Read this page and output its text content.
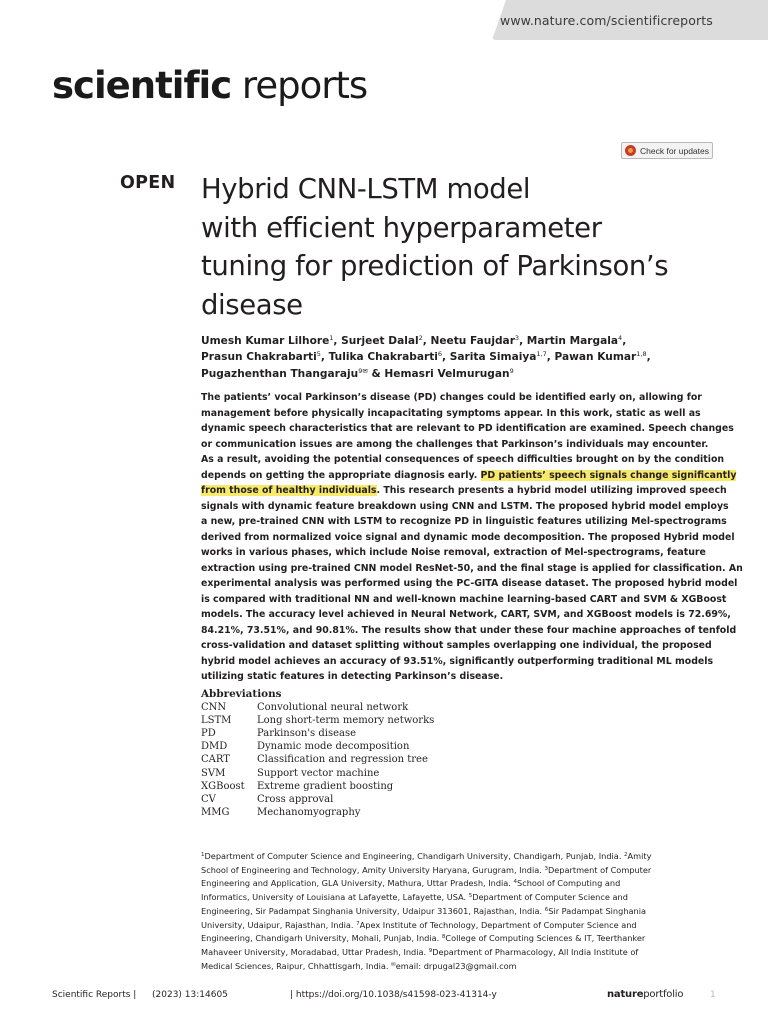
www.nature.com/scientificreports
scientific reports
Check for updates
OPEN Hybrid CNN-LSTM model
with efficient hyperparameter
tuning for prediction of Parkinson’s
disease
Umesh Kumar Lilhore$^1$, Surjeet Dalal$^2$, Neetu Faujdar$^3$, Martin Margala$^4$,
Prasun Chakrabarti$^5$, Tulika Chakrabarti$^6$, Sarita Simaiya$^{1,7}$, Pawan Kumar$^{1,8}$,
Pugazhenthan Thangaraju$^{9✉}$ & Hemasri Velmurugan$^9$
The patients’ vocal Parkinson’s disease (PD) changes could be identified early on, allowing for
management before physically incapacitating symptoms appear. In this work, static as well as
dynamic speech characteristics that are relevant to PD identification are examined. Speech changes
or communication issues are among the challenges that Parkinson’s individuals may encounter.
As a result, avoiding the potential consequences of speech difficulties brought on by the condition
depends on getting the appropriate diagnosis early. PD patients’ speech signals change significantly
from those of healthy individuals. This research presents a hybrid model utilizing improved speech
signals with dynamic feature breakdown using CNN and LSTM. The proposed hybrid model employs
a new, pre-trained CNN with LSTM to recognize PD in linguistic features utilizing Mel-spectrograms
derived from normalized voice signal and dynamic mode decomposition. The proposed Hybrid model
works in various phases, which include Noise removal, extraction of Mel-spectrograms, feature
extraction using pre-trained CNN model ResNet-50, and the final stage is applied for classification. An
experimental analysis was performed using the PC-GITA disease dataset. The proposed hybrid model
is compared with traditional NN and well-known machine learning-based CART and SVM & XGBoost
models. The accuracy level achieved in Neural Network, CART, SVM, and XGBoost models is 72.69%,
84.21%, 73.51%, and 90.81%. The results show that under these four machine approaches of tenfold
cross-validation and dataset splitting without samples overlapping one individual, the proposed
hybrid model achieves an accuracy of 93.51%, significantly outperforming traditional ML models
utilizing static features in detecting Parkinson’s disease.
Abbreviations
CNN	Convolutional neural network
LSTM	Long short-term memory networks
PD	Parkinson's disease
DMD	Dynamic mode decomposition
CART	Classification and regression tree
SVM	Support vector machine
XGBoost	Extreme gradient boosting
CV	Cross approval
MMG	Mechanomyography
$^1$Department of Computer Science and Engineering, Chandigarh University, Chandigarh, Punjab, India. $^2$Amity
School of Engineering and Technology, Amity University Haryana, Gurugram, India. $^3$Department of Computer
Engineering and Application, GLA University, Mathura, Uttar Pradesh, India. $^4$School of Computing and
Informatics, University of Louisiana at Lafayette, Lafayette, USA. $^5$Department of Computer Science and
Engineering, Sir Padampat Singhania University, Udaipur 313601, Rajasthan, India. $^6$Sir Padampat Singhania
University, Udaipur, Rajasthan, India. $^7$Apex Institute of Technology, Department of Computer Science and
Engineering, Chandigarh University, Mohali, Punjab, India. $^8$College of Computing Sciences & IT, Teerthanker
Mahaveer University, Moradabad, Uttar Pradesh, India. $^9$Department of Pharmacology, All India Institute of
Medical Sciences, Raipur, Chhattisgarh, India. ✉email: drpugal23@gmail.com
Scientific Reports | (2023) 13:14605	| https://doi.org/10.1038/s41598-023-41314-y	natureportfolio	1
